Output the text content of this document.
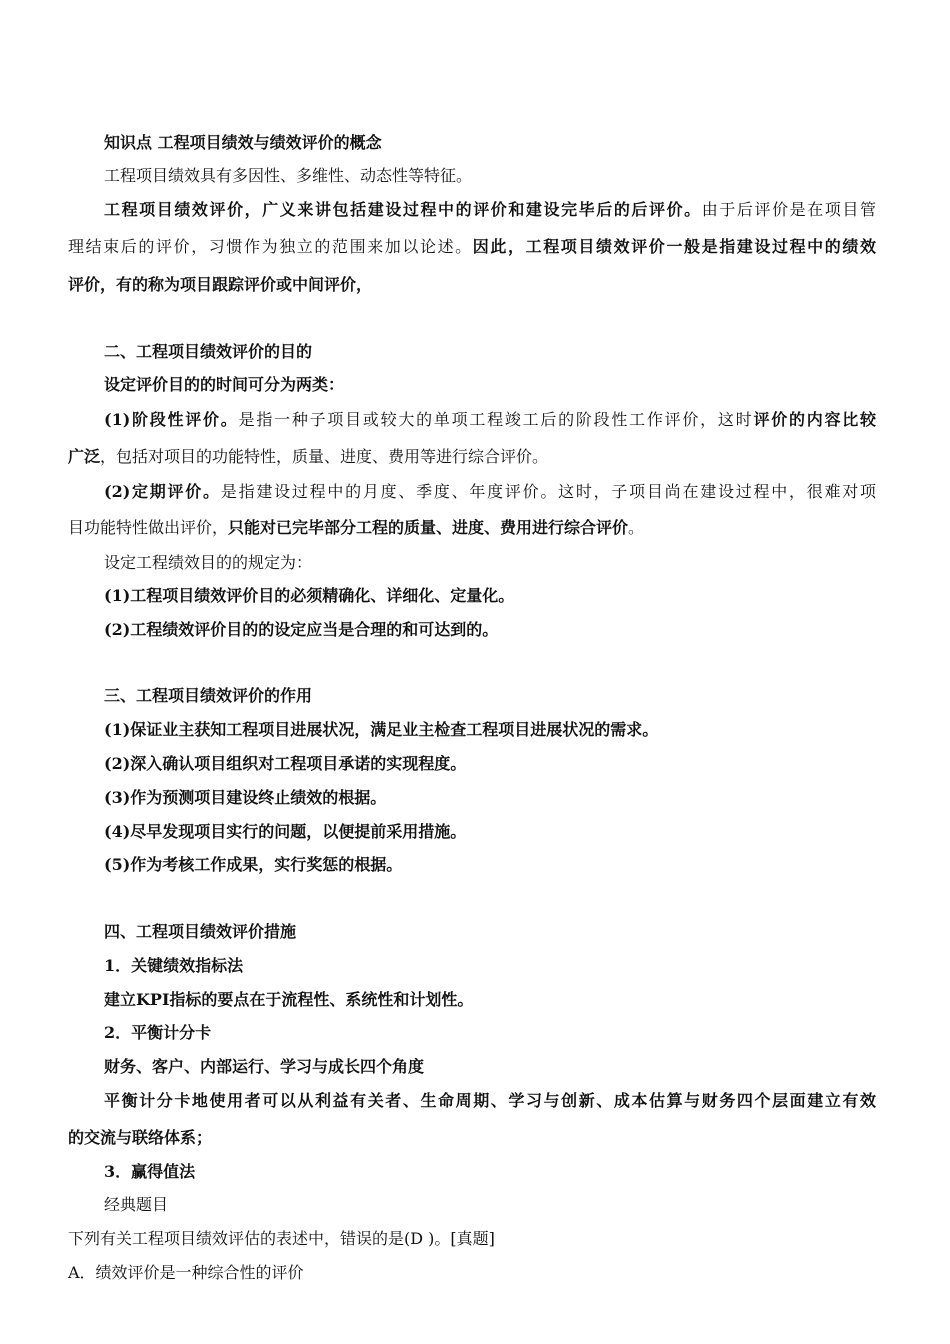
知识点 工程项目绩效与绩效评价的概念
工程项目绩效具有多因性、多维性、动态性等特征。
工程项目绩效评价，广义来讲包括建设过程中的评价和建设完毕后的后评价。由于后评价是在项目管
理结束后的评价，习惯作为独立的范围来加以论述。因此，工程项目绩效评价一般是指建设过程中的绩效
评价，有的称为项目跟踪评价或中间评价，
二、工程项目绩效评价的目的
设定评价目的的时间可分为两类：
(1)阶段性评价。是指一种子项目或较大的单项工程竣工后的阶段性工作评价，这时评价的内容比较
广泛，包括对项目的功能特性，质量、进度、费用等进行综合评价。
(2)定期评价。是指建设过程中的月度、季度、年度评价。这时，子项目尚在建设过程中，很难对项
目功能特性做出评价，只能对已完毕部分工程的质量、进度、费用进行综合评价。
设定工程绩效目的的规定为：
(1)工程项目绩效评价目的必须精确化、详细化、定量化。
(2)工程绩效评价目的的设定应当是合理的和可达到的。
三、工程项目绩效评价的作用
(1)保证业主获知工程项目进展状况，满足业主检查工程项目进展状况的需求。
(2)深入确认项目组织对工程项目承诺的实现程度。
(3)作为预测项目建设终止绩效的根据。
(4)尽早发现项目实行的问题，以便提前采用措施。
(5)作为考核工作成果，实行奖惩的根据。
四、工程项目绩效评价措施
1．关键绩效指标法
建立KPI指标的要点在于流程性、系统性和计划性。
2．平衡计分卡
财务、客户、内部运行、学习与成长四个角度
平衡计分卡地使用者可以从利益有关者、生命周期、学习与创新、成本估算与财务四个层面建立有效
的交流与联络体系；
3．赢得值法
经典题目
下列有关工程项目绩效评估的表述中，错误的是(D )。[真题]
A．绩效评价是一种综合性的评价
